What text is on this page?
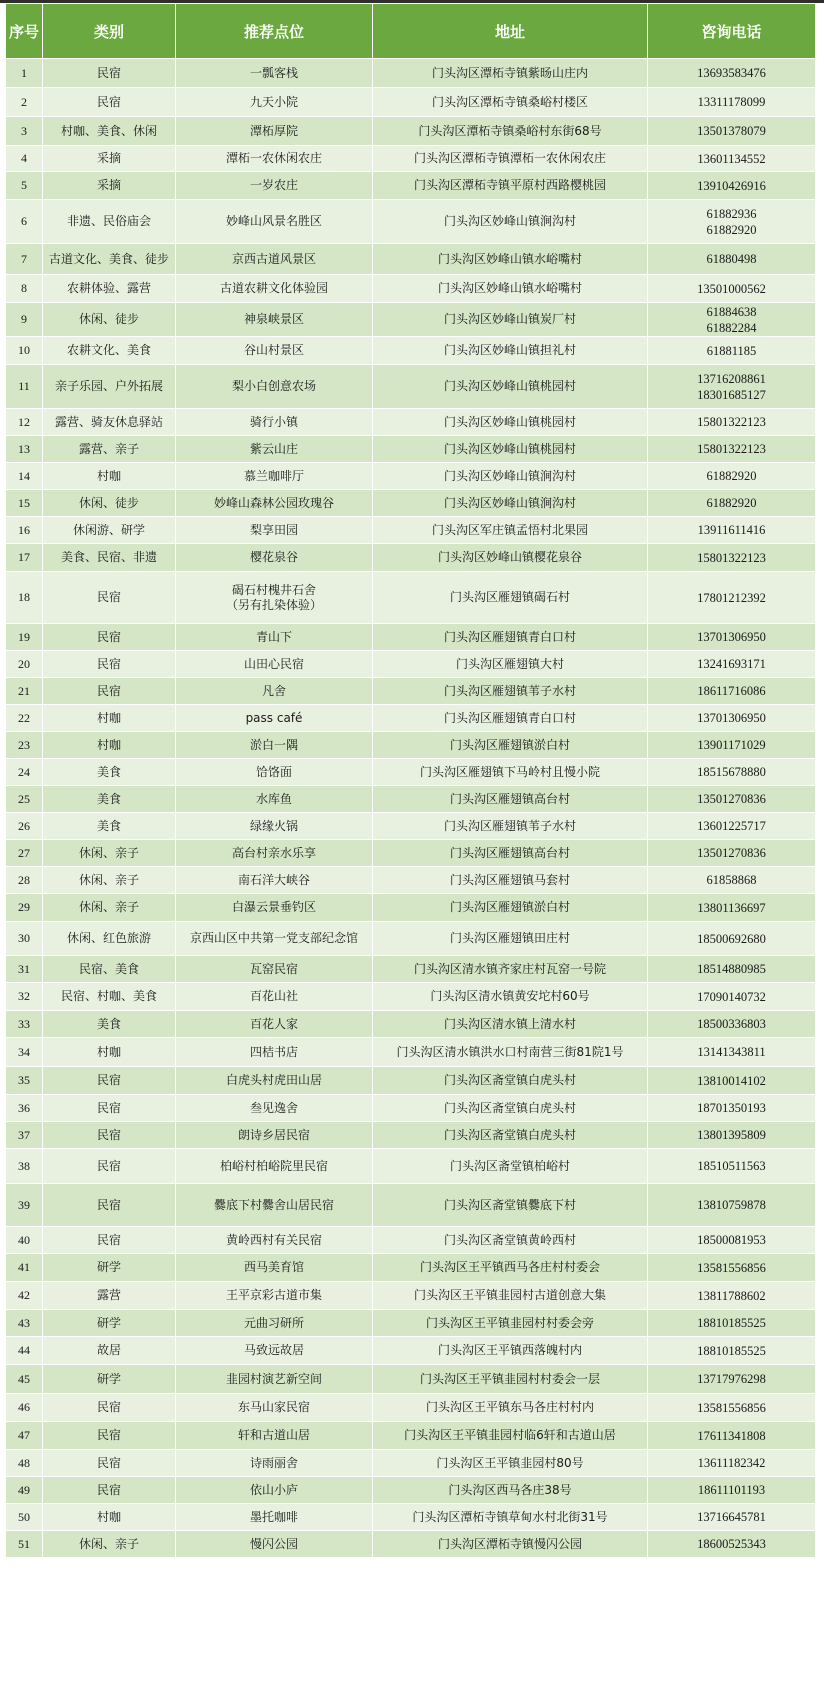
序号	类别	推荐点位	地址	咨询电话
1	民宿	一瓢客栈	门头沟区潭柘寺镇紫旸山庄内	13693583476
2	民宿	九天小院	门头沟区潭柘寺镇桑峪村楼区	13311178099
3	村咖、美食、休闲	潭柘厚院	门头沟区潭柘寺镇桑峪村东街68号	13501378079
4	采摘	潭柘一农休闲农庄	门头沟区潭柘寺镇潭柘一农休闲农庄	13601134552
5	采摘	一岁农庄	门头沟区潭柘寺镇平原村西路樱桃园	13910426916
6	非遗、民俗庙会	妙峰山风景名胜区	门头沟区妙峰山镇涧沟村	61882936
61882920

7	古道文化、美食、徒步	京西古道风景区	门头沟区妙峰山镇水峪嘴村	61880498
8	农耕体验、露营	古道农耕文化体验园	门头沟区妙峰山镇水峪嘴村	13501000562
9	休闲、徒步	神泉峡景区	门头沟区妙峰山镇炭厂村	61884638
61882284

10	农耕文化、美食	谷山村景区	门头沟区妙峰山镇担礼村	61881185
11	亲子乐园、户外拓展	梨小白创意农场	门头沟区妙峰山镇桃园村	13716208861
18301685127

12	露营、骑友休息驿站	骑行小镇	门头沟区妙峰山镇桃园村	15801322123
13	露营、亲子	紫云山庄	门头沟区妙峰山镇桃园村	15801322123
14	村咖	慕兰咖啡厅	门头沟区妙峰山镇涧沟村	61882920
15	休闲、徒步	妙峰山森林公园玫瑰谷	门头沟区妙峰山镇涧沟村	61882920
16	休闲游、研学	梨享田园	门头沟区军庄镇孟悟村北果园	13911611416
17	美食、民宿、非遗	樱花泉谷	门头沟区妙峰山镇樱花泉谷	15801322123
18	民宿	碣石村槐井石舍
（另有扎染体验）	门头沟区雁翅镇碣石村	17801212392
19	民宿	青山下	门头沟区雁翅镇青白口村	13701306950
20	民宿	山田心民宿	门头沟区雁翅镇大村	13241693171
21	民宿	凡舍	门头沟区雁翅镇苇子水村	18611716086
22	村咖	pass café	门头沟区雁翅镇青白口村	13701306950
23	村咖	淤白一隅	门头沟区雁翅镇淤白村	13901171029
24	美食	饸饹面	门头沟区雁翅镇下马岭村且慢小院	18515678880
25	美食	水库鱼	门头沟区雁翅镇高台村	13501270836
26	美食	绿缘火锅	门头沟区雁翅镇苇子水村	13601225717
27	休闲、亲子	高台村亲水乐享	门头沟区雁翅镇高台村	13501270836
28	休闲、亲子	南石洋大峡谷	门头沟区雁翅镇马套村	61858868
29	休闲、亲子	白瀑云景垂钓区	门头沟区雁翅镇淤白村	13801136697
30	休闲、红色旅游	京西山区中共第一党支部纪念馆	门头沟区雁翅镇田庄村	18500692680
31	民宿、美食	瓦窑民宿	门头沟区清水镇齐家庄村瓦窑一号院	18514880985
32	民宿、村咖、美食	百花山社	门头沟区清水镇黄安坨村60号	17090140732
33	美食	百花人家	门头沟区清水镇上清水村	18500336803
34	村咖	四桔书店	门头沟区清水镇洪水口村南营三街81院1号	13141343811
35	民宿	白虎头村虎田山居	门头沟区斋堂镇白虎头村	13810014102
36	民宿	叁见逸舍	门头沟区斋堂镇白虎头村	18701350193
37	民宿	朗诗乡居民宿	门头沟区斋堂镇白虎头村	13801395809
38	民宿	柏峪村柏峪院里民宿	门头沟区斋堂镇柏峪村	18510511563
39	民宿	爨底下村爨舍山居民宿	门头沟区斋堂镇爨底下村	13810759878
40	民宿	黄岭西村有关民宿	门头沟区斋堂镇黄岭西村	18500081953
41	研学	西马美育馆	门头沟区王平镇西马各庄村村委会	13581556856
42	露营	王平京彩古道市集	门头沟区王平镇韭园村古道创意大集	13811788602
43	研学	元曲习研所	门头沟区王平镇韭园村村委会旁	18810185525
44	故居	马致远故居	门头沟区王平镇西落魄村内	18810185525
45	研学	韭园村演艺新空间	门头沟区王平镇韭园村村委会一层	13717976298
46	民宿	东马山家民宿	门头沟区王平镇东马各庄村村内	13581556856
47	民宿	轩和古道山居	门头沟区王平镇韭园村临6轩和古道山居	17611341808
48	民宿	诗雨丽舍	门头沟区王平镇韭园村80号	13611182342
49	民宿	依山小庐	门头沟区西马各庄38号	18611101193
50	村咖	墨托咖啡	门头沟区潭柘寺镇草甸水村北街31号	13716645781
51	休闲、亲子	慢闪公园	门头沟区潭柘寺镇慢闪公园	18600525343
